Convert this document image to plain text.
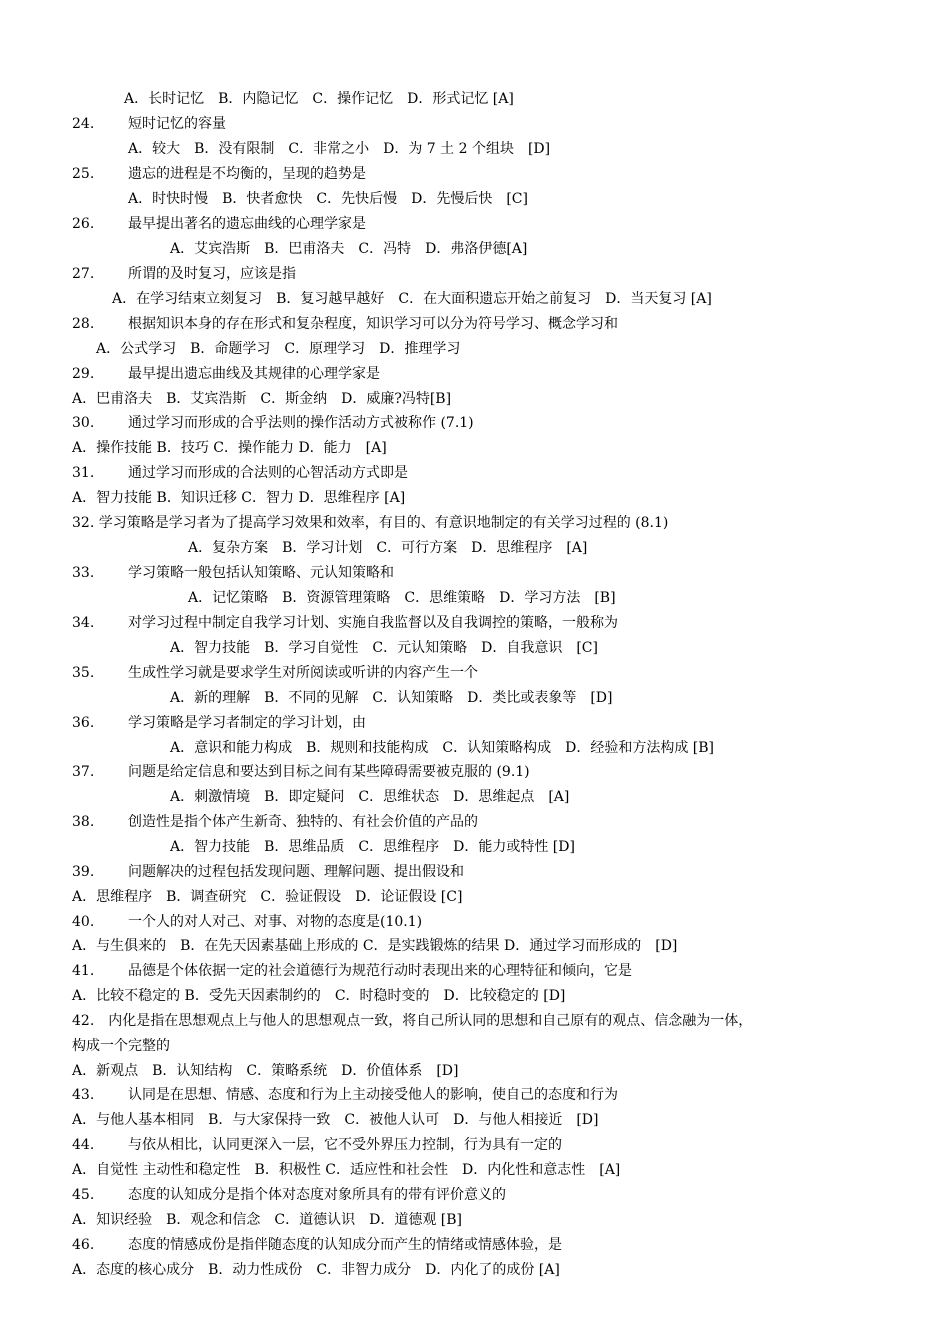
A．长时记忆　B．内隐记忆　C．操作记忆　D．形式记忆 [A]
24.	短时记忆的容量
A．较大　B．没有限制　C．非常之小　D．为 7 土 2 个组块　[D]
25.	遗忘的进程是不均衡的，呈现的趋势是
A．时快时慢　B．快者愈快　C．先快后慢　D．先慢后快　[C]
26.	最早提出著名的遗忘曲线的心理学家是
A．艾宾浩斯　B．巴甫洛夫　C．冯特　D．弗洛伊德[A]
27.	所谓的及时复习，应该是指
A．在学习结束立刻复习　B．复习越早越好　C．在大面积遗忘开始之前复习　D．当天复习 [A]
28.	根据知识本身的存在形式和复杂程度，知识学习可以分为符号学习、概念学习和
A．公式学习　B．命题学习　C．原理学习　D．推理学习
29.	最早提出遗忘曲线及其规律的心理学家是
A．巴甫洛夫　B．艾宾浩斯　C．斯金纳　D．威廉?冯特[B]
30.	通过学习而形成的合乎法则的操作活动方式被称作 (7.1)
A．操作技能 B．技巧 C．操作能力 D．能力　[A]
31.	通过学习而形成的合法则的心智活动方式即是
A．智力技能 B．知识迁移 C．智力 D．思维程序 [A]
32. 学习策略是学习者为了提高学习效果和效率，有目的、有意识地制定的有关学习过程的 (8.1)
A．复杂方案　B．学习计划　C．可行方案　D．思维程序　[A]
33.	学习策略一般包括认知策略、元认知策略和
A．记忆策略　B．资源管理策略　C．思维策略　D．学习方法　[B]
34.	对学习过程中制定自我学习计划、实施自我监督以及自我调控的策略，一般称为
A．智力技能　B．学习自觉性　C．元认知策略　D．自我意识　[C]
35.	生成性学习就是要求学生对所阅读或听讲的内容产生一个
A．新的理解　B．不同的见解　C．认知策略　D．类比或表象等　[D]
36.	学习策略是学习者制定的学习计划，由
A．意识和能力构成　B．规则和技能构成　C．认知策略构成　D．经验和方法构成 [B]
37.	问题是给定信息和要达到目标之间有某些障碍需要被克服的 (9.1)
A．刺激情境　B．即定疑问　C．思维状态　D．思维起点　[A]
38.	创造性是指个体产生新奇、独特的、有社会价值的产品的
A．智力技能　B．思维品质　C．思维程序　D．能力或特性 [D]
39.	问题解决的过程包括发现问题、理解问题、提出假设和
A．思维程序　B．调查研究　C．验证假设　D．论证假设 [C]
40.	一个人的对人对己、对事、对物的态度是(10.1)
A．与生俱来的　B．在先天因素基础上形成的 C．是实践锻炼的结果 D．通过学习而形成的　[D]
41.	品德是个体依据一定的社会道德行为规范行动时表现出来的心理特征和倾向，它是
A．比较不稳定的 B．受先天因素制约的　C．时稳时变的　D．比较稳定的 [D]
42.　内化是指在思想观点上与他人的思想观点一致，将自己所认同的思想和自己原有的观点、信念融为一体，
构成一个完整的
A．新观点　B．认知结构　C．策略系统　D．价值体系　[D]
43.	认同是在思想、情感、态度和行为上主动接受他人的影响，使自己的态度和行为
A．与他人基本相同　B．与大家保持一致　C．被他人认可　D．与他人相接近　[D]
44.	与依从相比，认同更深入一层，它不受外界压力控制，行为具有一定的
A．自觉性 主动性和稳定性　B．积极性 C．适应性和社会性　D．内化性和意志性　[A]
45.	态度的认知成分是指个体对态度对象所具有的带有评价意义的
A．知识经验　B．观念和信念　C．道德认识　D．道德观 [B]
46.	态度的情感成份是指伴随态度的认知成分而产生的情绪或情感体验，是
A．态度的核心成分　B．动力性成份　C．非智力成分　D．内化了的成份 [A]
